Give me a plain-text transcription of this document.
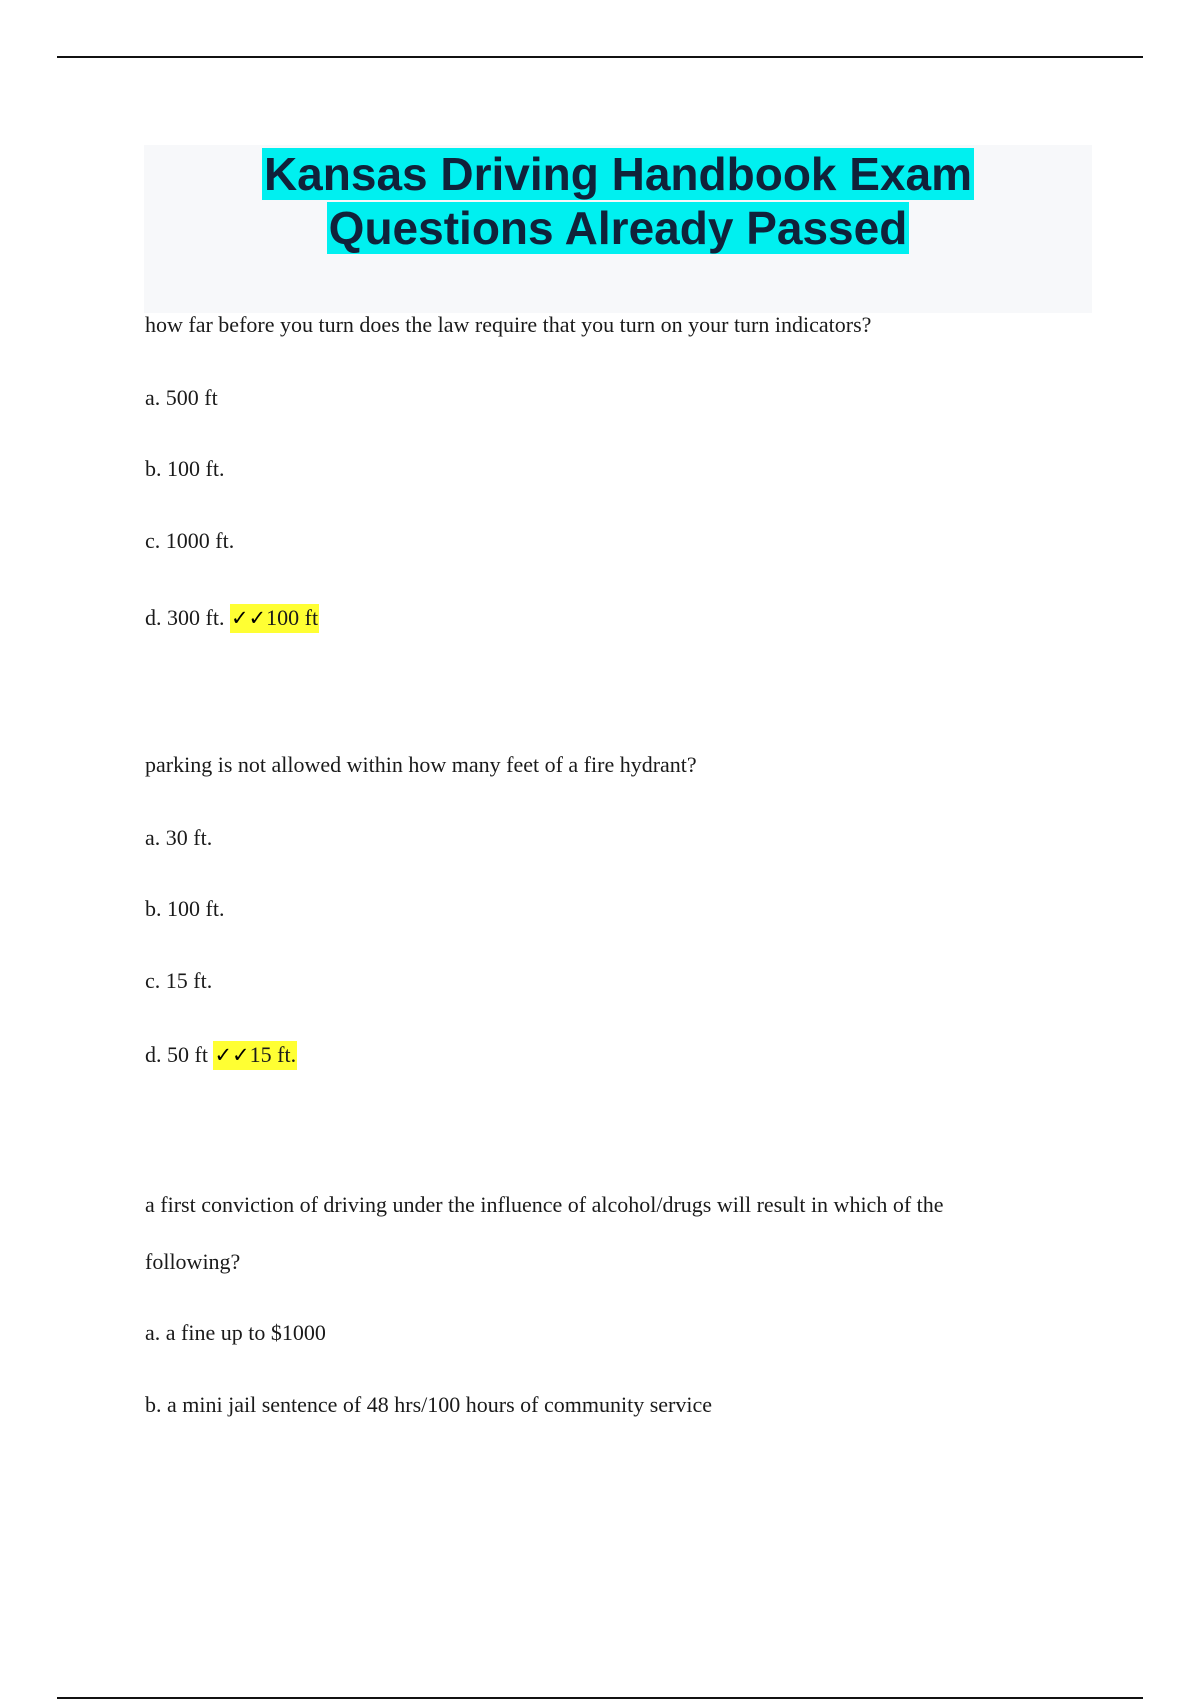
Kansas Driving Handbook Exam
Questions Already Passed
how far before you turn does the law require that you turn on your turn indicators?
a. 500 ft
b. 100 ft.
c. 1000 ft.
d. 300 ft. ✓✓100 ft
parking is not allowed within how many feet of a fire hydrant?
a. 30 ft.
b. 100 ft.
c. 15 ft.
d. 50 ft ✓✓15 ft.
a first conviction of driving under the influence of alcohol/drugs will result in which of the
following?
a. a fine up to $1000
b. a mini jail sentence of 48 hrs/100 hours of community service
